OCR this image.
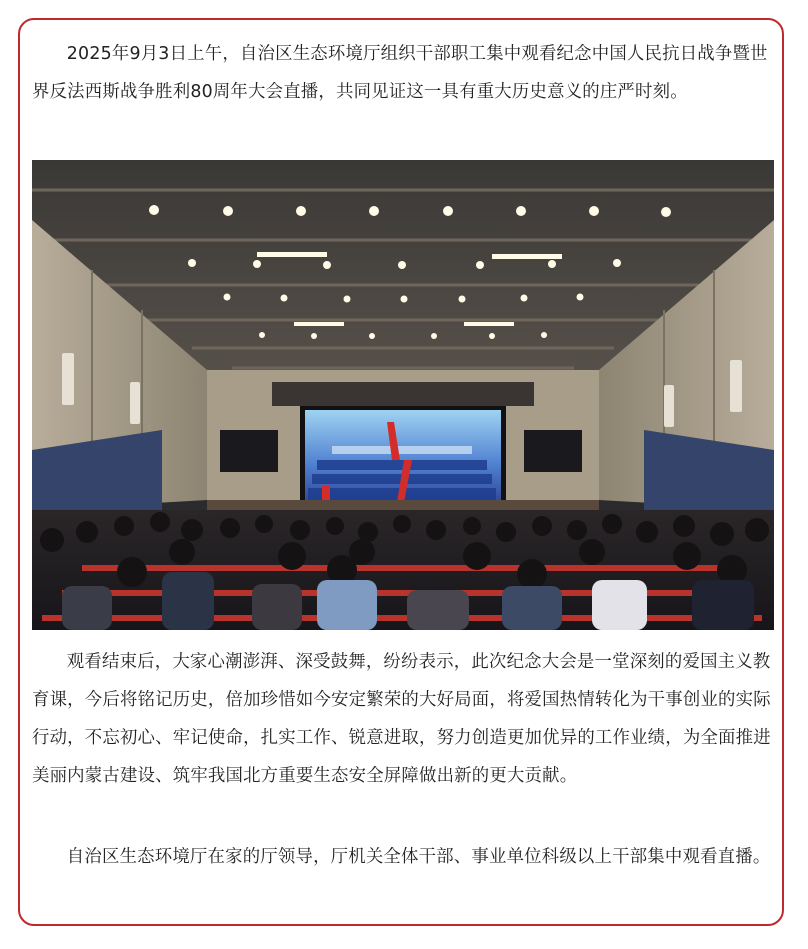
2025年9月3日上午，自治区生态环境厅组织干部职工集中观看纪念中国人民抗日战争暨世界反法西斯战争胜利80周年大会直播，共同见证这一具有重大历史意义的庄严时刻。

观看结束后，大家心潮澎湃、深受鼓舞，纷纷表示，此次纪念大会是一堂深刻的爱国主义教育课，今后将铭记历史，倍加珍惜如今安定繁荣的大好局面，将爱国热情转化为干事创业的实际行动，不忘初心、牢记使命，扎实工作、锐意进取，努力创造更加优异的工作业绩，为全面推进美丽内蒙古建设、筑牢我国北方重要生态安全屏障做出新的更大贡献。

自治区生态环境厅在家的厅领导，厅机关全体干部、事业单位科级以上干部集中观看直播。
